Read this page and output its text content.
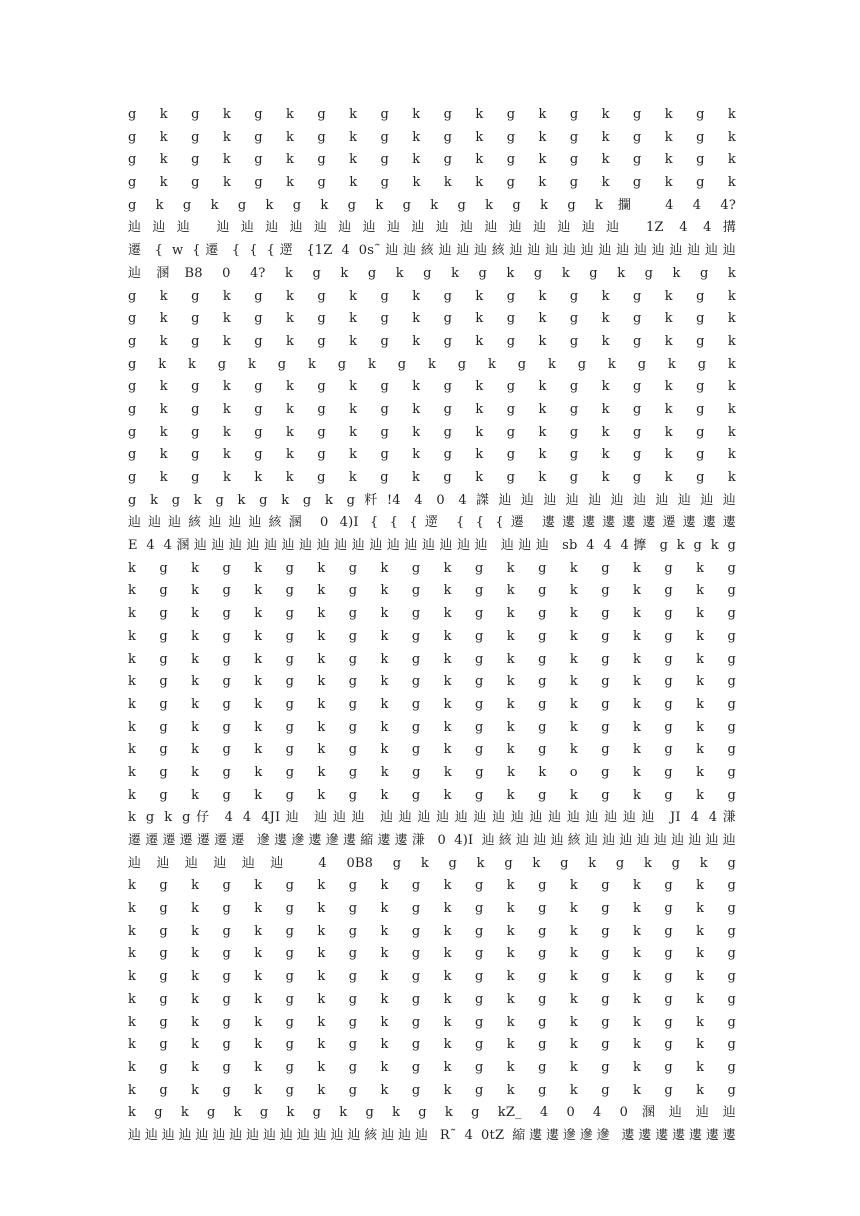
g k g k g k g k g k g k g k g k g k g k
g k g k g k g k g k g k g k g k g k g k
g k g k g k g k g k g k g k g k g k g k
g k g k g k g k g k k k g k g k g k g k
g k g k g k g k g k g k g k g k g k攔 4 4 4?
辿辿辿 辿辿辿辿辿辿辿辿辿辿辿辿辿辿辿辿辿 1Z 4 4搆
遷 { w {遷 { { {遻 {1Z 4 0s˜辿辿絯辿辿辿絯辿辿辿辿辿辿辿辿辿辿辿辿辿
辿溷B8 0 4? k g k g k g k g k g k g k g k g k
g k g k g k g k g k g k g k g k g k g k
g k g k g k g k g k g k g k g k g k g k
g k g k g k g k g k g k g k g k g k g k
g k k g k g k g k g k g k g k g k g k g k
g k g k g k g k g k g k g k g k g k g k
g k g k g k g k g k g k g k g k g k g k
g k g k g k g k g k g k g k g k g k g k
g k g k g k g k g k g k g k g k g k g k
g k g k k k g k g k g k g k g k g k g k
g k g k g k g k g k g粁!4 4 0 4謋辿辿辿辿辿辿辿辿辿辿辿
辿辿辿絯辿辿辿絯溷 0 4)I { { {遻 { { {遷 遱遱遱遱遱遱遷遱遱遱
E 4 4溷辿辿辿辿辿辿辿辿辿辿辿辿辿辿辿辿辿 辿辿辿 sb 4 4 4擵 g k g k g
k g k g k g k g k g k g k g k g k g k g
k g k g k g k g k g k g k g k g k g k g
k g k g k g k g k g k g k g k g k g k g
k g k g k g k g k g k g k g k g k g k g
k g k g k g k g k g k g k g k g k g k g
k g k g k g k g k g k g k g k g k g k g
k g k g k g k g k g k g k g k g k g k g
k g k g k g k g k g k g k g k g k g k g
k g k g k g k g k g k g k g k g k g k g
k g k g k g k g k g k g k k o g k g k g
k g k g k g k g k g k g k g k g k g k g
k g k g仔 4 4 4JI辿 辿辿辿 辿辿辿辿辿辿辿辿辿辿辿辿辿辿辿 JI 4 4溓
遷遷遷遷遷遷遷 遪遱遪遱遪遱縮遱遱溓 0 4)I 辿絯辿辿辿絯辿辿辿辿辿辿辿辿辿
辿辿辿辿辿辿 4 0B8 g k g k g k g k g k g k g
k g k g k g k g k g k g k g k g k g k g
k g k g k g k g k g k g k g k g k g k g
k g k g k g k g k g k g k g k g k g k g
k g k g k g k g k g k g k g k g k g k g
k g k g k g k g k g k g k g k g k g k g
k g k g k g k g k g k g k g k g k g k g
k g k g k g k g k g k g k g k g k g k g
k g k g k g k g k g k g k g k g k g k g
k g k g k g k g k g k g k g k g k g k g
k g k g k g k g k g k g k g k g k g k g
k g k g k g k g k g k g k g kZ_ 4 0 4 0溷辿辿辿
辿辿辿辿辿辿辿辿辿辿辿辿辿辿絯辿辿辿 R˜ 4 0tZ 縮遱遱遪遪遪 遱遱遱遱遱遱遱
